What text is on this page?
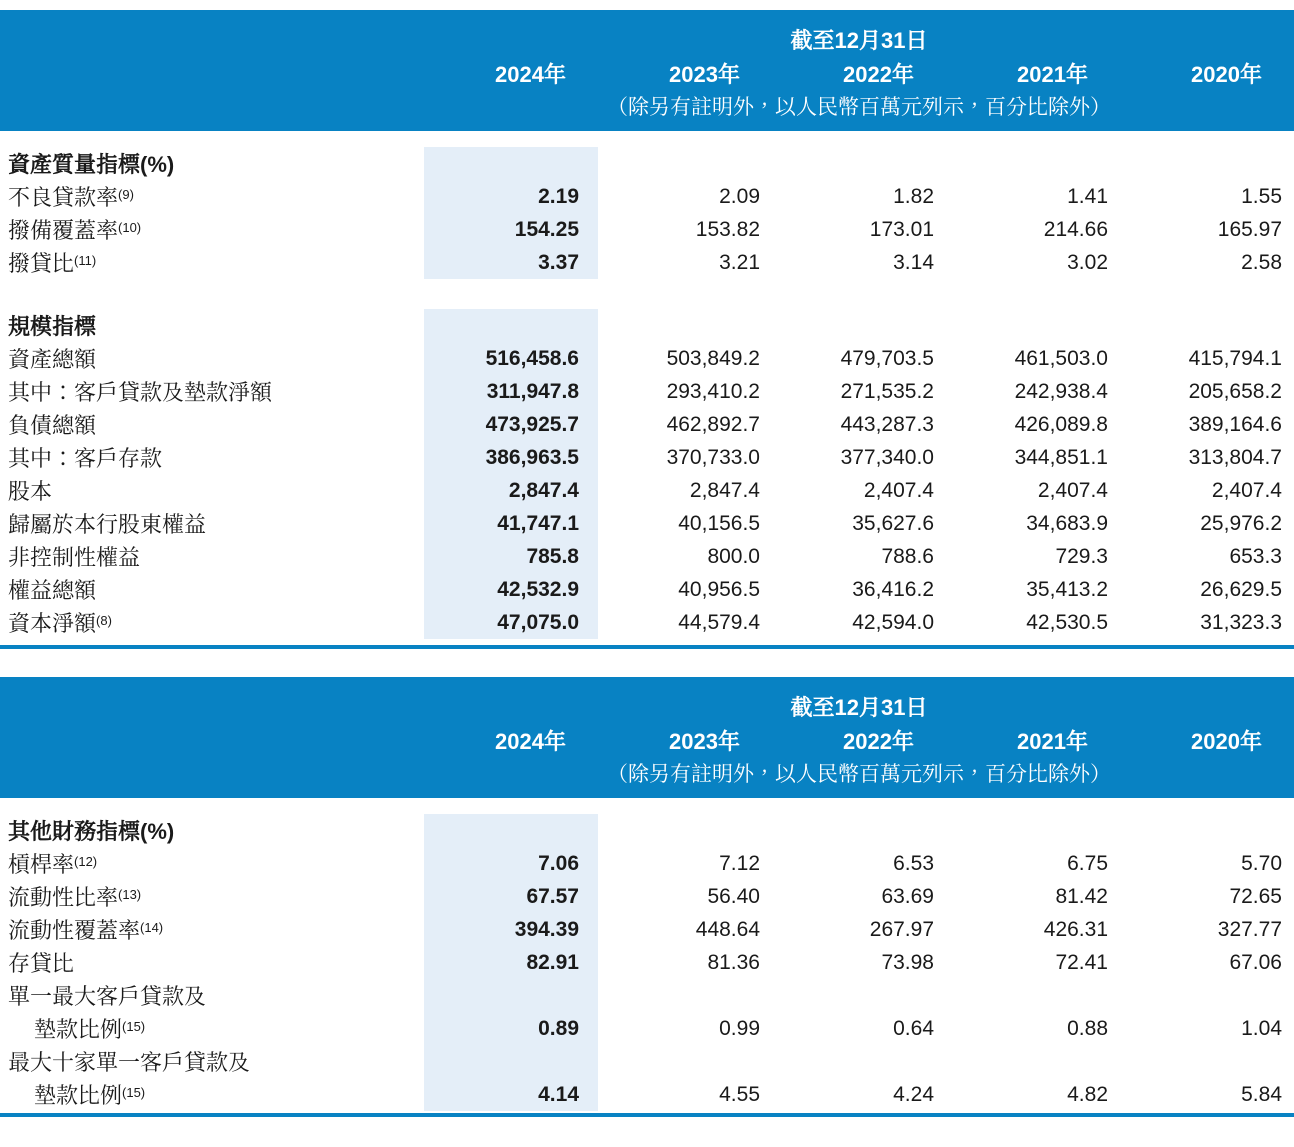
	截至12月31日				
	2024年	2023年	2022年	2021年	2020年
	（除另有註明外，以人民幣百萬元列示，百分比除外）				

資產質量指標(%)					
不良貸款率$^{(9)}$	2.19	2.09	1.82	1.41	1.55
撥備覆蓋率$^{(10)}$	154.25	153.82	173.01	214.66	165.97
撥貸比$^{(11)}$	3.37	3.21	3.14	3.02	2.58

規模指標					
資產總額	516,458.6	503,849.2	479,703.5	461,503.0	415,794.1
其中：客戶貸款及墊款淨額	311,947.8	293,410.2	271,535.2	242,938.4	205,658.2
負債總額	473,925.7	462,892.7	443,287.3	426,089.8	389,164.6
其中：客戶存款	386,963.5	370,733.0	377,340.0	344,851.1	313,804.7
股本	2,847.4	2,847.4	2,407.4	2,407.4	2,407.4
歸屬於本行股東權益	41,747.1	40,156.5	35,627.6	34,683.9	25,976.2
非控制性權益	785.8	800.0	788.6	729.3	653.3
權益總額	42,532.9	40,956.5	36,416.2	35,413.2	26,629.5
資本淨額$^{(8)}$	47,075.0	44,579.4	42,594.0	42,530.5	31,323.3

	截至12月31日				
	2024年	2023年	2022年	2021年	2020年
	（除另有註明外，以人民幣百萬元列示，百分比除外）				

其他財務指標(%)					
槓桿率$^{(12)}$	7.06	7.12	6.53	6.75	5.70
流動性比率$^{(13)}$	67.57	56.40	63.69	81.42	72.65
流動性覆蓋率$^{(14)}$	394.39	448.64	267.97	426.31	327.77
存貸比	82.91	81.36	73.98	72.41	67.06
單一最大客戶貸款及					
墊款比例$^{(15)}$	0.89	0.99	0.64	0.88	1.04
最大十家單一客戶貸款及					
墊款比例$^{(15)}$	4.14	4.55	4.24	4.82	5.84
